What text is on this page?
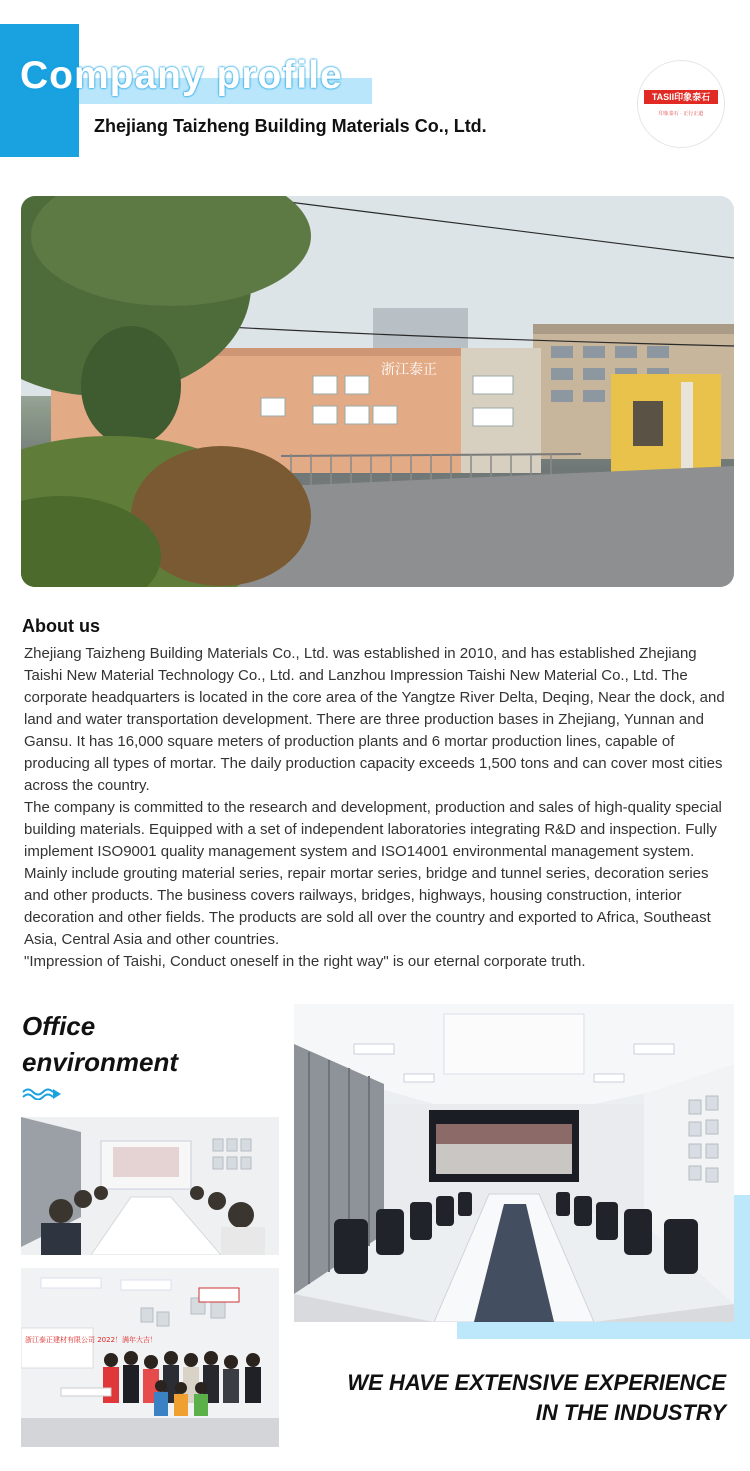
Company profile
Zhejiang Taizheng Building Materials Co., Ltd.
TASII印象泰石
印象泰石 · 正行正道
浙江泰正
About us

Zhejiang Taizheng Building Materials Co., Ltd. was established in 2010, and has established Zhejiang Taishi New Material Technology Co., Ltd. and Lanzhou Impression Taishi New Material Co., Ltd. The corporate headquarters is located in the core area of the Yangtze River Delta, Deqing, Near the dock, and land and water transportation development. There are three production bases in Zhejiang, Yunnan and Gansu. It has 16,000 square meters of production plants and 6 mortar production lines, capable of producing all types of mortar. The daily production capacity exceeds 1,500 tons and can cover most cities across the country.

The company is committed to the research and development, production and sales of high-quality special building materials. Equipped with a set of independent laboratories integrating R&D and inspection. Fully implement ISO9001 quality management system and ISO14001 environmental management system. Mainly include grouting material series, repair mortar series, bridge and tunnel series, decoration series and other products. The business covers railways, bridges, highways, housing construction, interior decoration and other fields. The products are sold all over the country and exported to Africa, Southeast Asia, Central Asia and other countries.

"Impression of Taishi, Conduct oneself in the right way" is our eternal corporate truth.

Office
environment
浙江泰正建材有限公司 2022！满年大吉！
WE HAVE EXTENSIVE EXPERIENCE
IN THE INDUSTRY
